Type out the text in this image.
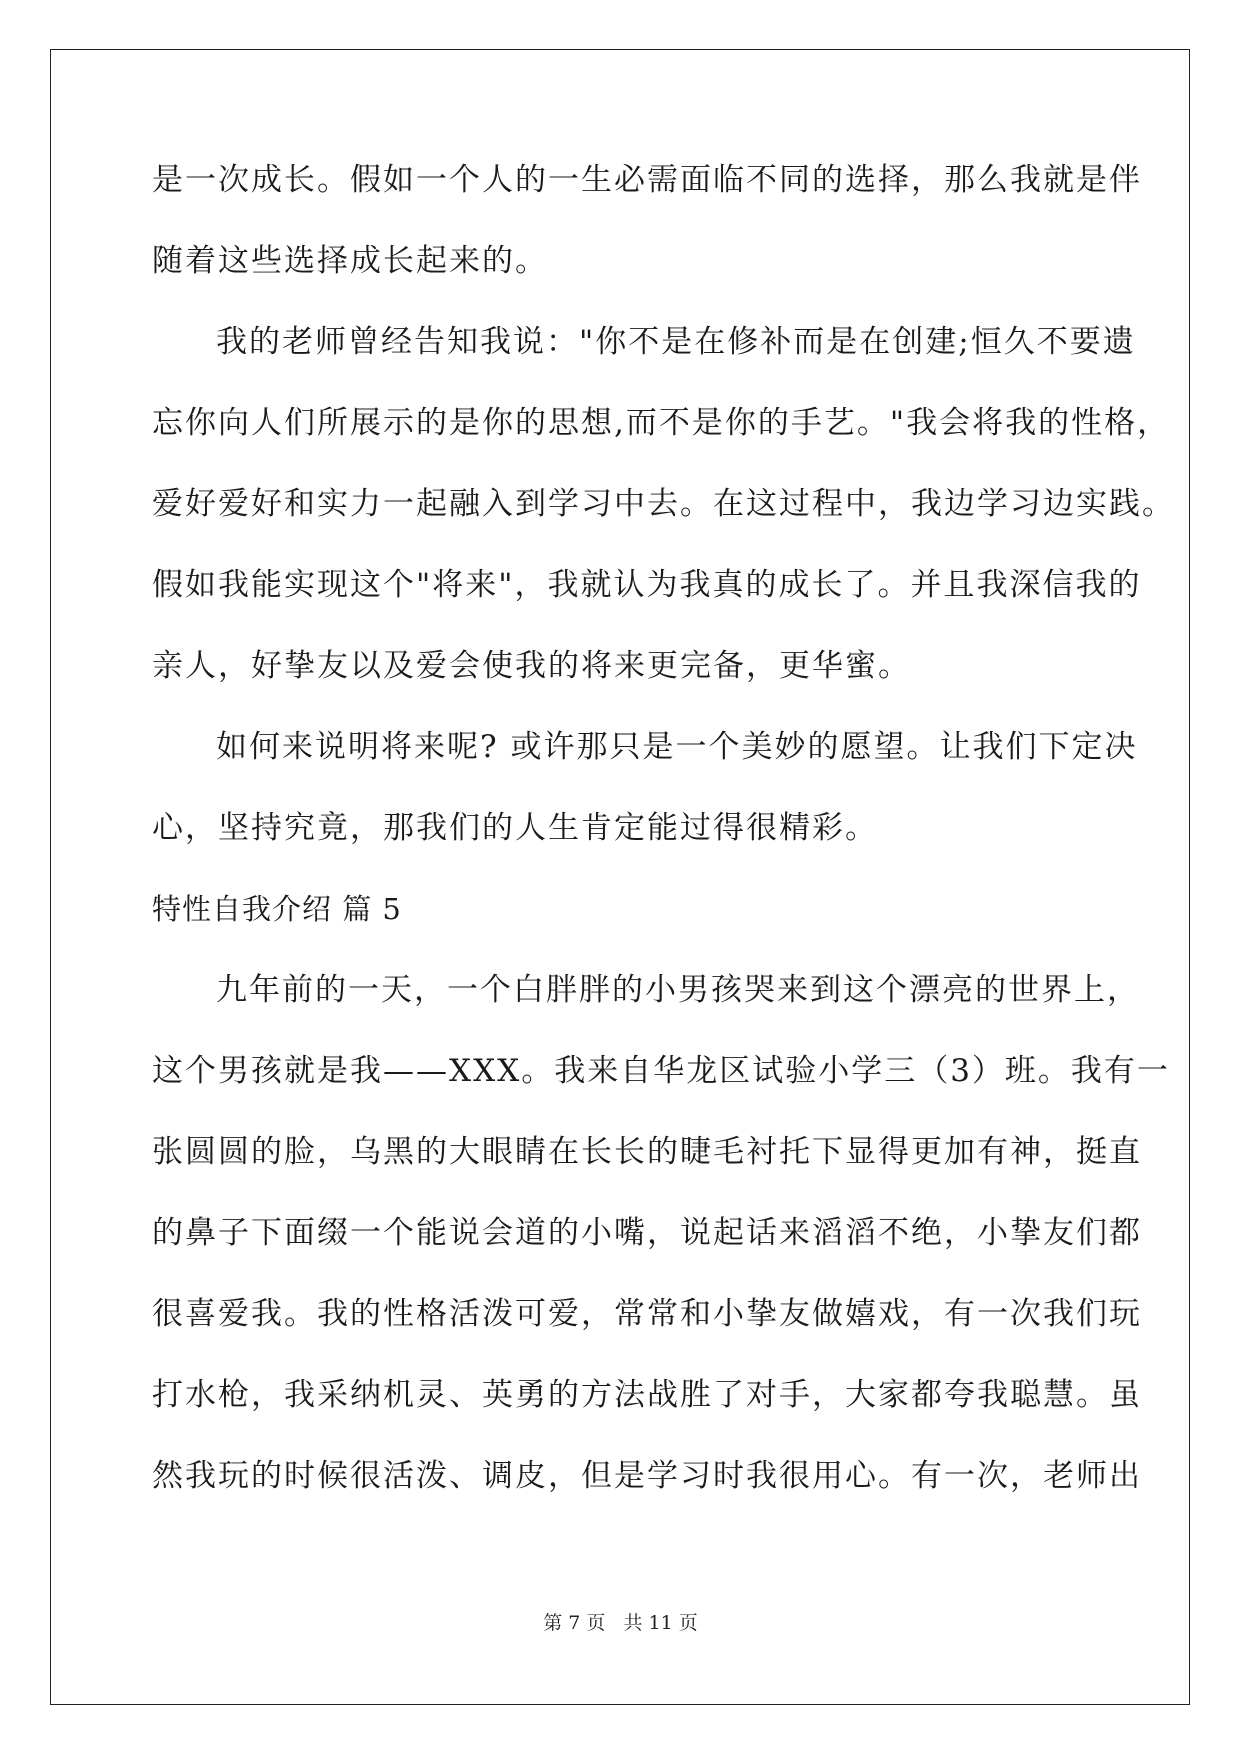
是一次成长。假如一个人的一生必需面临不同的选择，那么我就是伴
随着这些选择成长起来的。
我的老师曾经告知我说："你不是在修补而是在创建;恒久不要遗
忘你向人们所展示的是你的思想,而不是你的手艺。"我会将我的性格，
爱好爱好和实力一起融入到学习中去。在这过程中，我边学习边实践。
假如我能实现这个"将来"，我就认为我真的成长了。并且我深信我的
亲人，好挚友以及爱会使我的将来更完备，更华蜜。
如何来说明将来呢? 或许那只是一个美妙的愿望。让我们下定决
心，坚持究竟，那我们的人生肯定能过得很精彩。
特性自我介绍 篇 5
九年前的一天，一个白胖胖的小男孩哭来到这个漂亮的世界上，
这个男孩就是我——XXX。我来自华龙区试验小学三（3）班。我有一
张圆圆的脸，乌黑的大眼睛在长长的睫毛衬托下显得更加有神，挺直
的鼻子下面缀一个能说会道的小嘴，说起话来滔滔不绝，小挚友们都
很喜爱我。我的性格活泼可爱，常常和小挚友做嬉戏，有一次我们玩
打水枪，我采纳机灵、英勇的方法战胜了对手，大家都夸我聪慧。虽
然我玩的时候很活泼、调皮，但是学习时我很用心。有一次，老师出
第 7 页 共 11 页
